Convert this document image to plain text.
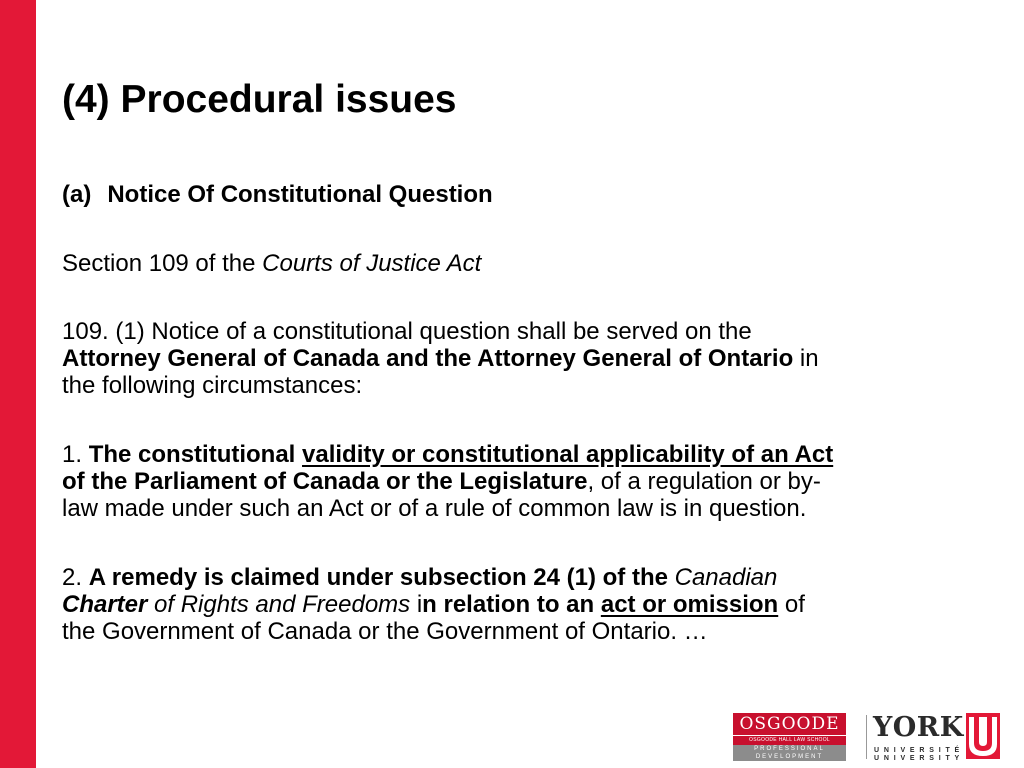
(4) Procedural issues

(a) Notice Of Constitutional Question

Section 109 of the Courts of Justice Act

109. (1) Notice of a constitutional question shall be served on the
Attorney General of Canada and the Attorney General of Ontario in
the following circumstances:

1. The constitutional validity or constitutional applicability of an Act
of the Parliament of Canada or the Legislature, of a regulation or by-
law made under such an Act or of a rule of common law is in question.

2. A remedy is claimed under subsection 24 (1) of the Canadian
Charter of Rights and Freedoms in relation to an act or omission of
the Government of Canada or the Government of Ontario. …

OSGOODE
OSGOODE HALL LAW SCHOOL
PROFESSIONAL
DEVELOPMENT
YORK
UNIVERSITÉ
UNIVERSITY
